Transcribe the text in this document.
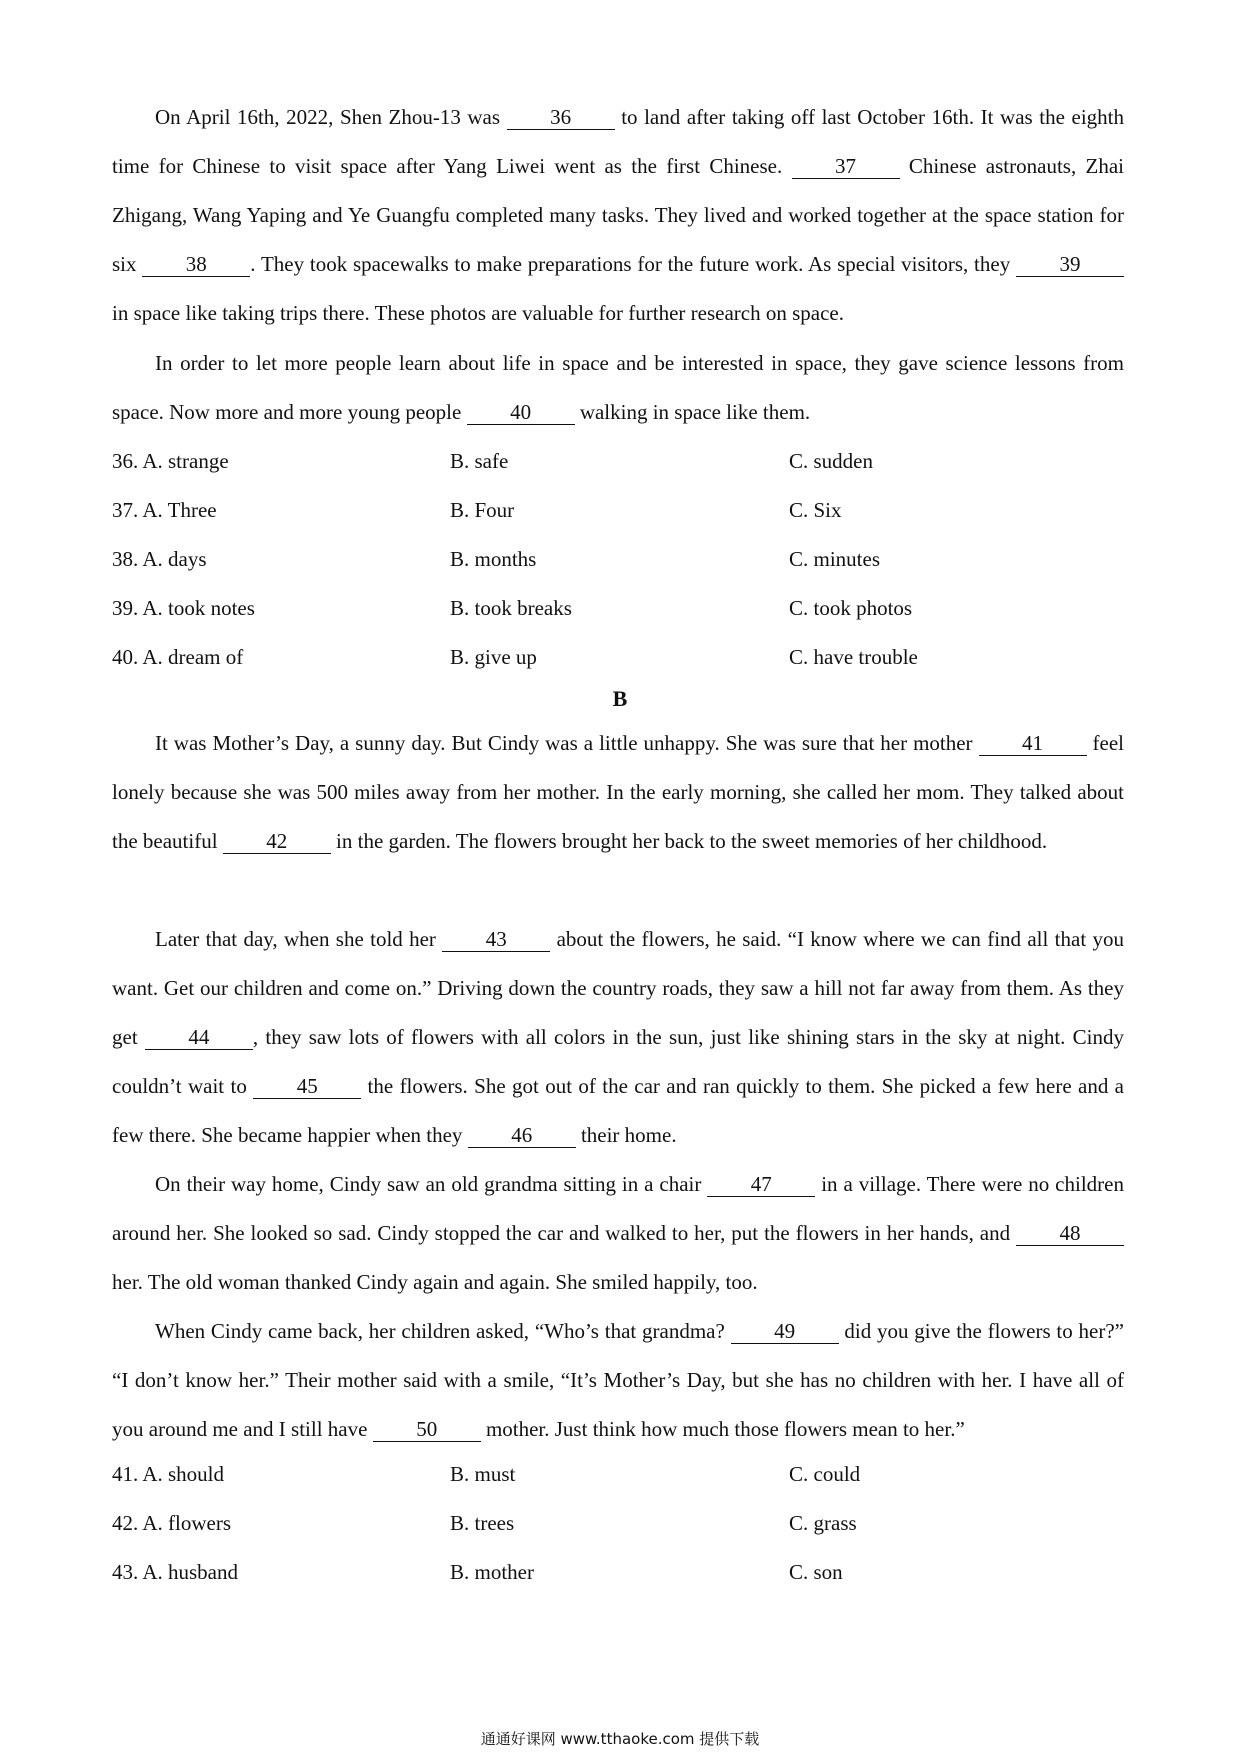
On April 16th, 2022, Shen Zhou-13 was 36 to land after taking off last October 16th. It was the eighth time for Chinese to visit space after Yang Liwei went as the first Chinese. 37 Chinese astronauts, Zhai Zhigang, Wang Yaping and Ye Guangfu completed many tasks. They lived and worked together at the space station for six 38 . They took spacewalks to make preparations for the future work. As special visitors, they 39 in space like taking trips there. These photos are valuable for further research on space.

In order to let more people learn about life in space and be interested in space, they gave science lessons from space. Now more and more young people 40 walking in space like them.

36. A. strange	B. safe	C. sudden
37. A. Three	B. Four	C. Six
38. A. days	B. months	C. minutes
39. A. took notes	B. took breaks	C. took photos
40. A. dream of	B. give up	C. have trouble
B

It was Mother’s Day, a sunny day. But Cindy was a little unhappy. She was sure that her mother 41 feel lonely because she was 500 miles away from her mother. In the early morning, she called her mom. They talked about the beautiful 42 in the garden. The flowers brought her back to the sweet memories of her childhood.

Later that day, when she told her 43 about the flowers, he said. “I know where we can find all that you want. Get our children and come on.” Driving down the country roads, they saw a hill not far away from them. As they get 44 , they saw lots of flowers with all colors in the sun, just like shining stars in the sky at night. Cindy couldn’t wait to 45 the flowers. She got out of the car and ran quickly to them. She picked a few here and a few there. She became happier when they 46 their home.

On their way home, Cindy saw an old grandma sitting in a chair 47 in a village. There were no children around her. She looked so sad. Cindy stopped the car and walked to her, put the flowers in her hands, and 48 her. The old woman thanked Cindy again and again. She smiled happily, too.

When Cindy came back, her children asked, “Who’s that grandma? 49 did you give the flowers to her?” “I don’t know her.” Their mother said with a smile, “It’s Mother’s Day, but she has no children with her. I have all of you around me and I still have 50 mother. Just think how much those flowers mean to her.”

41. A. should	B. must	C. could
42. A. flowers	B. trees	C. grass
43. A. husband	B. mother	C. son
通通好课网 www.tthaoke.com 提供下载
